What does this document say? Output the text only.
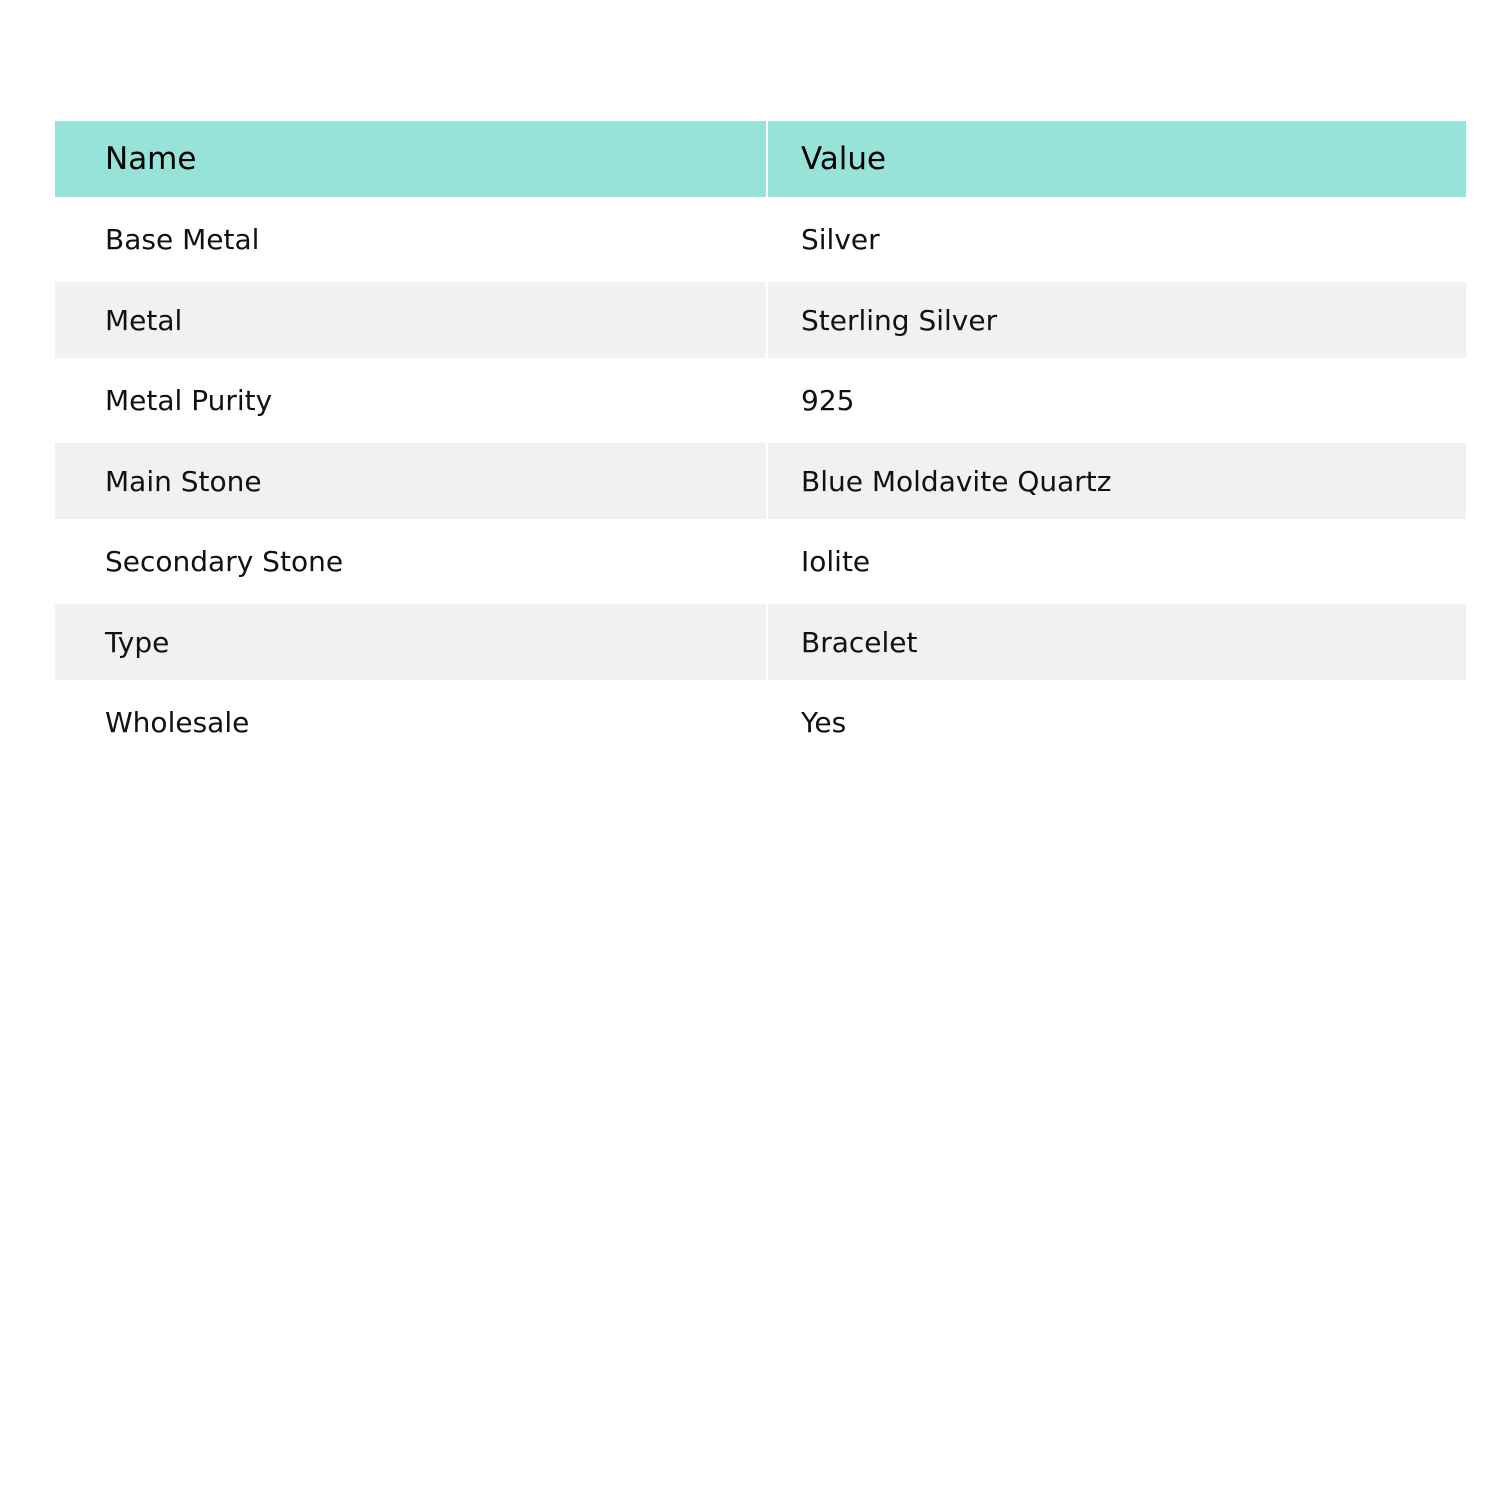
Name	Value

Base Metal	Silver

Metal	Sterling Silver

Metal Purity	925

Main Stone	Blue Moldavite Quartz

Secondary Stone	Iolite

Type	Bracelet

Wholesale	Yes
